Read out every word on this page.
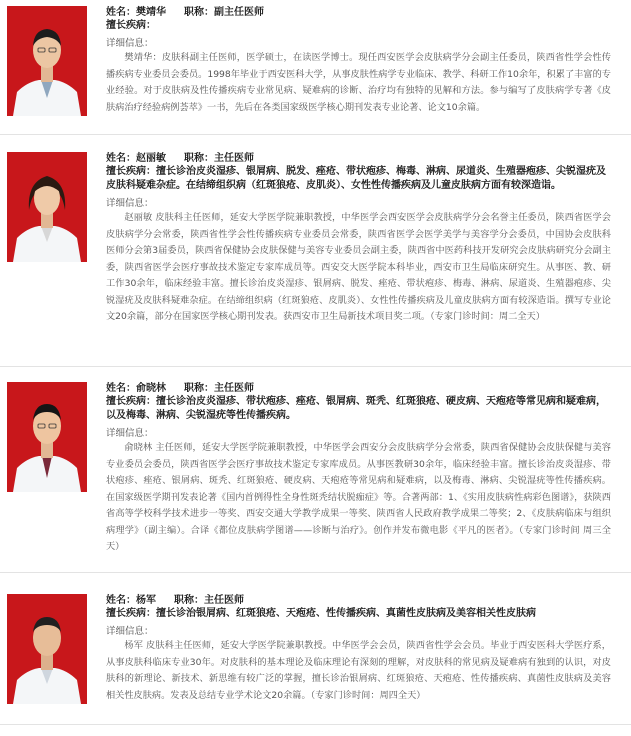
姓名：樊靖华 职称：副主任医师
擅长疾病：
详细信息：
樊靖华：皮肤科副主任医师，医学硕士，在读医学博士。现任西安医学会皮肤病学分会副主任委员，陕西省性学会性传播疾病专业委员会委员。1998年毕业于西安医科大学，从事皮肤性病学专业临床、教学、科研工作10余年，积累了丰富的专业经验。对于皮肤病及性传播疾病专业常见病、疑难病的诊断、治疗均有独特的见解和方法。参与编写了皮肤病学专著《皮肤病治疗经验病例荟萃》一书，先后在各类国家级医学核心期刊发表专业论著、论文10余篇。
姓名：赵丽敏 职称：主任医师
擅长疾病：擅长诊治皮炎湿疹、银屑病、脱发、痤疮、带状疱疹、梅毒、淋病、尿道炎、生殖器疱疹、尖锐湿疣及皮肤科疑难杂症。在结缔组织病（红斑狼疮、皮肌炎）、女性性传播疾病及儿童皮肤病方面有较深造诣。
详细信息：
赵丽敏 皮肤科主任医师，延安大学医学院兼职教授，中华医学会西安医学会皮肤病学分会名誉主任委员，陕西省医学会皮肤病学分会常委，陕西省性学会性传播疾病专业委员会常委，陕西省医学会医学美学与美容学分会委员，中国协会皮肤科医师分会第3届委员，陕西省保健协会皮肤保健与美容专业委员会副主委，陕西省中医药科技开发研究会皮肤病研究分会副主委，陕西省医学会医疗事故技术鉴定专家库成员等。西安交大医学院本科毕业，西安市卫生局临床研究生。从事医、教、研工作30余年，临床经验丰富。擅长诊治皮炎湿疹、银屑病、脱发、痤疮、带状疱疹、梅毒、淋病、尿道炎、生殖器疱疹、尖锐湿疣及皮肤科疑难杂症。在结缔组织病（红斑狼疮、皮肌炎）、女性性传播疾病及儿童皮肤病方面有较深造诣。撰写专业论文20余篇，部分在国家医学核心期刊发表。获西安市卫生局新技术项目奖二项。（专家门诊时间：周二全天）
姓名：俞晓林 职称：主任医师
擅长疾病：擅长诊治皮炎湿疹、带状疱疹、痤疮、银屑病、斑秃、红斑狼疮、硬皮病、天疱疮等常见病和疑难病，以及梅毒、淋病、尖锐湿疣等性传播疾病。
详细信息：
俞晓林 主任医师，延安大学医学院兼职教授，中华医学会西安分会皮肤病学分会常委，陕西省保健协会皮肤保健与美容专业委员会委员，陕西省医学会医疗事故技术鉴定专家库成员。从事医教研30余年，临床经验丰富。擅长诊治皮炎湿疹、带状疱疹、痤疮、银屑病、斑秃、红斑狼疮、硬皮病、天疱疮等常见病和疑难病，以及梅毒、淋病、尖锐湿疣等性传播疾病。在国家级医学期刊发表论著《国内首例得性全身性斑秃结状脱痂症》等。合著两部：1、《实用皮肤病性病彩色图谱》，获陕西省高等学校科学技术进步一等奖、西安交通大学教学成果一等奖、陕西省人民政府教学成果二等奖；2、《皮肤病临床与组织病理学》（副主编）。合译《都位皮肤病学图谱——诊断与治疗》。创作并发布微电影《平凡的医者》。（专家门诊时间 周三全天）
姓名：杨军 职称：主任医师
擅长疾病：擅长诊治银屑病、红斑狼疮、天疱疮、性传播疾病、真菌性皮肤病及美容相关性皮肤病
详细信息：
杨军 皮肤科主任医师，延安大学医学院兼职教授。中华医学会会员，陕西省性学会会员。毕业于西安医科大学医疗系，从事皮肤科临床专业30年。对皮肤科的基本理论及临床理论有深刻的理解，对皮肤科的常见病及疑难病有独到的认识，对皮肤科的新理论、新技术、新思维有较广泛的掌握，擅长诊治银屑病、红斑狼疮、天疱疮、性传播疾病、真菌性皮肤病及美容相关性皮肤病。发表及总结专业学术论文20余篇。（专家门诊时间：周四全天）
